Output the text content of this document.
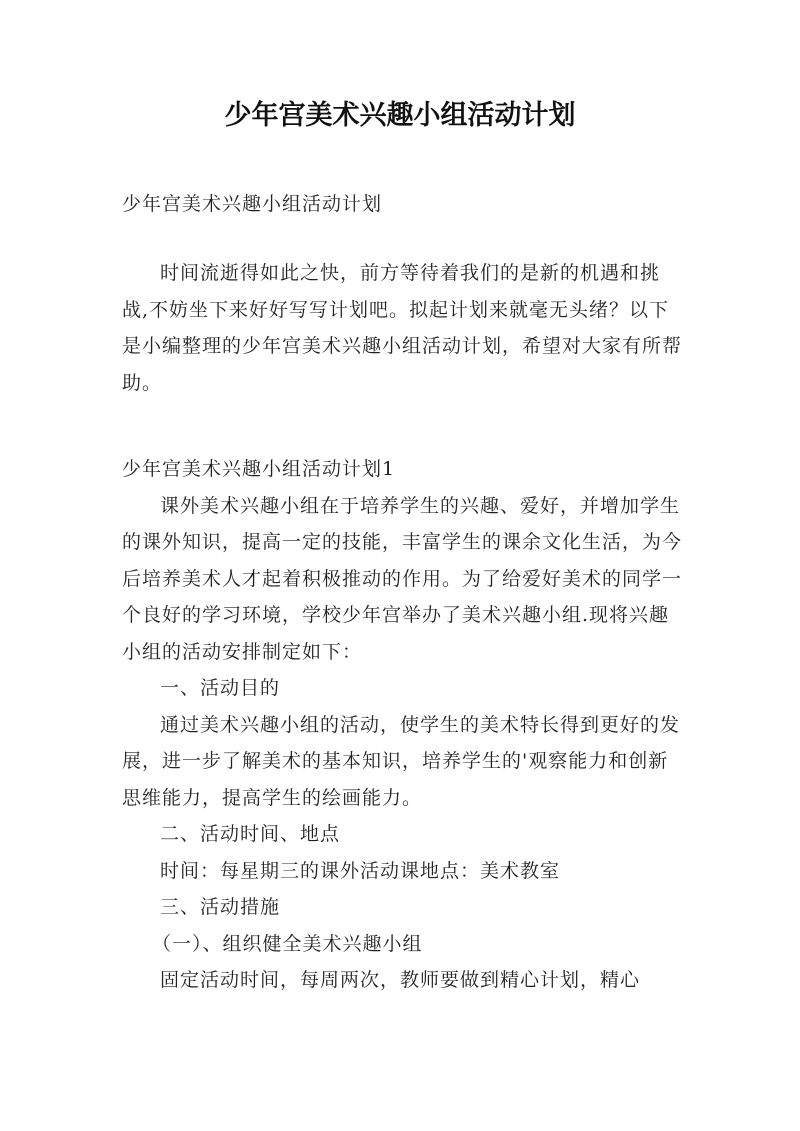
少年宫美术兴趣小组活动计划
少年宫美术兴趣小组活动计划
时间流逝得如此之快，前方等待着我们的是新的机遇和挑战,不妨坐下来好好写写计划吧。拟起计划来就毫无头绪？以下是小编整理的少年宫美术兴趣小组活动计划，希望对大家有所帮助。

少年宫美术兴趣小组活动计划1

课外美术兴趣小组在于培养学生的兴趣、爱好，并增加学生的课外知识，提高一定的技能，丰富学生的课余文化生活，为今后培养美术人才起着积极推动的作用。为了给爱好美术的同学一个良好的学习环境，学校少年宫举办了美术兴趣小组.现将兴趣小组的活动安排制定如下：

一、活动目的

通过美术兴趣小组的活动，使学生的美术特长得到更好的发展，进一步了解美术的基本知识，培养学生的'观察能力和创新思维能力，提高学生的绘画能力。

二、活动时间、地点

时间：每星期三的课外活动课地点：美术教室

三、活动措施

（一）、组织健全美术兴趣小组

固定活动时间，每周两次，教师要做到精心计划，精心
